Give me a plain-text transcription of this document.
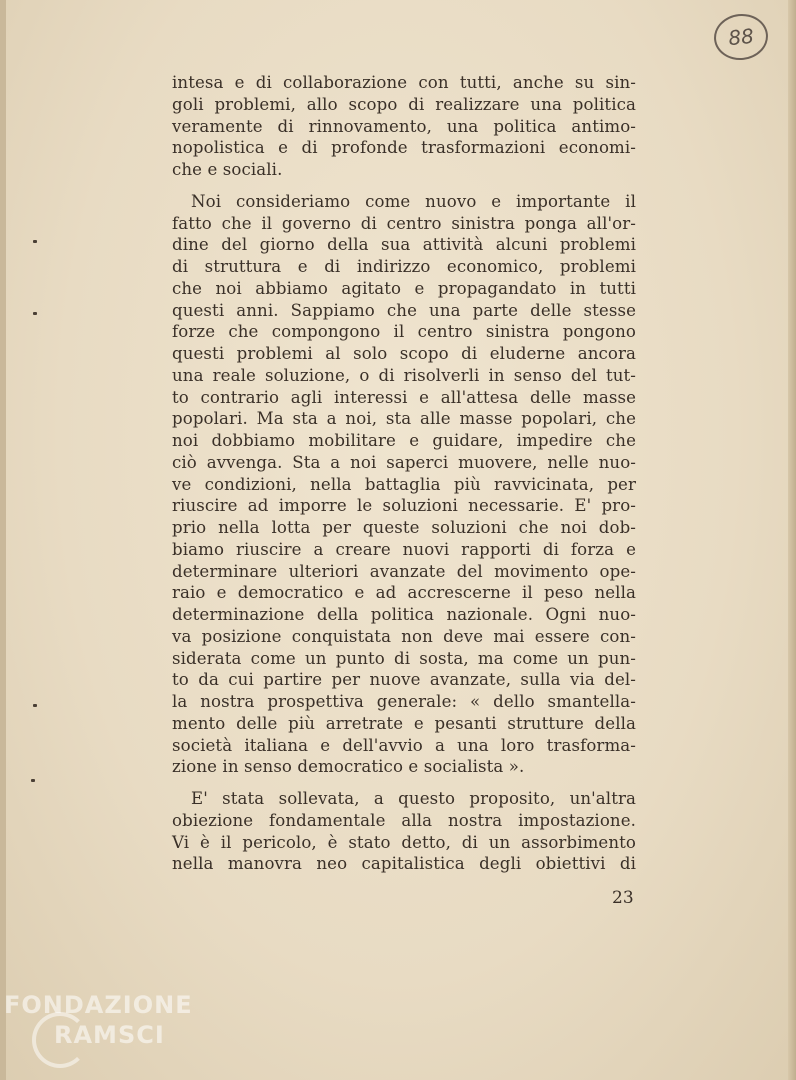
88
intesa e di collaborazione con tutti, anche su sin-
goli problemi, allo scopo di realizzare una politica
veramente di rinnovamento, una politica antimo-
nopolistica e di profonde trasformazioni economi-
che e sociali.
Noi consideriamo come nuovo e importante il
fatto che il governo di centro sinistra ponga all'or-
dine del giorno della sua attività alcuni problemi
di struttura e di indirizzo economico, problemi
che noi abbiamo agitato e propagandato in tutti
questi anni. Sappiamo che una parte delle stesse
forze che compongono il centro sinistra pongono
questi problemi al solo scopo di eluderne ancora
una reale soluzione, o di risolverli in senso del tut-
to contrario agli interessi e all'attesa delle masse
popolari. Ma sta a noi, sta alle masse popolari, che
noi dobbiamo mobilitare e guidare, impedire che
ciò avvenga. Sta a noi saperci muovere, nelle nuo-
ve condizioni, nella battaglia più ravvicinata, per
riuscire ad imporre le soluzioni necessarie. E' pro-
prio nella lotta per queste soluzioni che noi dob-
biamo riuscire a creare nuovi rapporti di forza e
determinare ulteriori avanzate del movimento ope-
raio e democratico e ad accrescerne il peso nella
determinazione della politica nazionale. Ogni nuo-
va posizione conquistata non deve mai essere con-
siderata come un punto di sosta, ma come un pun-
to da cui partire per nuove avanzate, sulla via del-
la nostra prospettiva generale: « dello smantella-
mento delle più arretrate e pesanti strutture della
società italiana e dell'avvio a una loro trasforma-
zione in senso democratico e socialista ».
E' stata sollevata, a questo proposito, un'altra
obiezione fondamentale alla nostra impostazione.
Vi è il pericolo, è stato detto, di un assorbimento
nella manovra neo capitalistica degli obiettivi di
23
FONDAZIONE
RAMSCI
